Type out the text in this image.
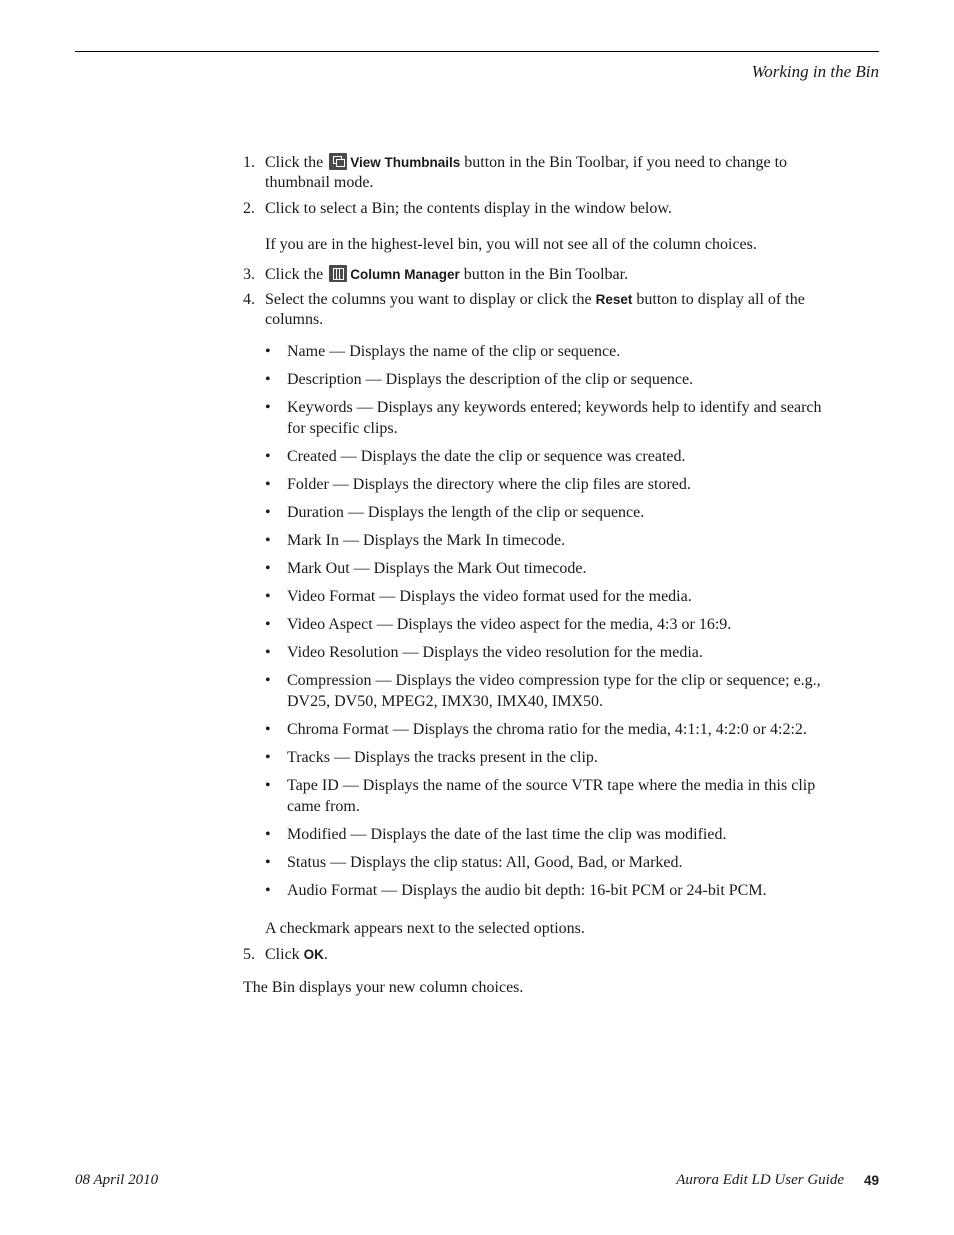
Working in the Bin
1. Click the View Thumbnails button in the Bin Toolbar, if you need to change to thumbnail mode.
2. Click to select a Bin; the contents display in the window below.
If you are in the highest-level bin, you will not see all of the column choices.
3. Click the Column Manager button in the Bin Toolbar.
4. Select the columns you want to display or click the Reset button to display all of the columns.
• Name — Displays the name of the clip or sequence.
• Description — Displays the description of the clip or sequence.
• Keywords — Displays any keywords entered; keywords help to identify and search for specific clips.
• Created — Displays the date the clip or sequence was created.
• Folder — Displays the directory where the clip files are stored.
• Duration — Displays the length of the clip or sequence.
• Mark In — Displays the Mark In timecode.
• Mark Out — Displays the Mark Out timecode.
• Video Format — Displays the video format used for the media.
• Video Aspect — Displays the video aspect for the media, 4:3 or 16:9.
• Video Resolution — Displays the video resolution for the media.
• Compression — Displays the video compression type for the clip or sequence; e.g., DV25, DV50, MPEG2, IMX30, IMX40, IMX50.
• Chroma Format — Displays the chroma ratio for the media, 4:1:1, 4:2:0 or 4:2:2.
• Tracks — Displays the tracks present in the clip.
• Tape ID — Displays the name of the source VTR tape where the media in this clip came from.
• Modified — Displays the date of the last time the clip was modified.
• Status — Displays the clip status: All, Good, Bad, or Marked.
• Audio Format — Displays the audio bit depth: 16-bit PCM or 24-bit PCM.
A checkmark appears next to the selected options.
5. Click OK.
The Bin displays your new column choices.
08 April 2010	Aurora Edit LD User Guide 49
